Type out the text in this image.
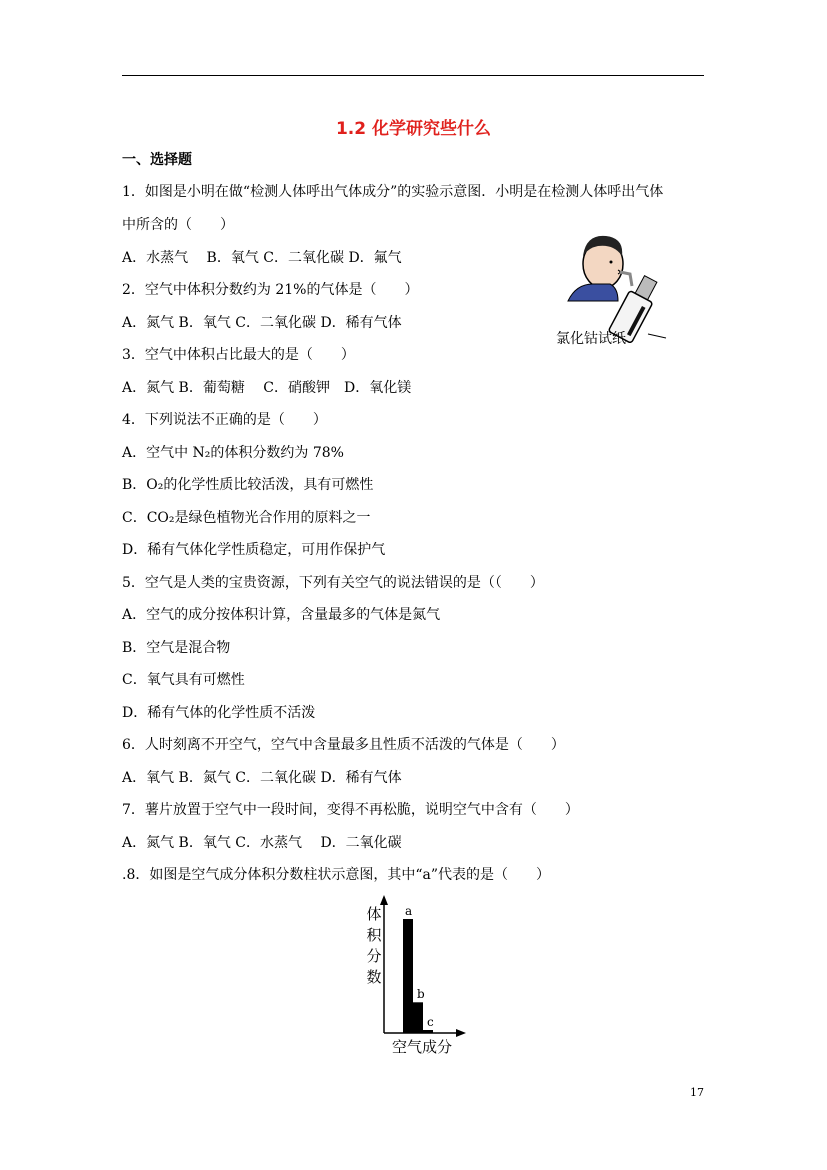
1.2 化学研究些什么
一、选择题
1．如图是小明在做“检测人体呼出气体成分”的实验示意图．小明是在检测人体呼出气体
中所含的（　　）
A．水蒸气　 B．氧气 C．二氧化碳 D．氟气
2．空气中体积分数约为 21%的气体是（　　）
A．氮气 B．氧气 C．二氧化碳 D．稀有气体
3．空气中体积占比最大的是（　　）
A．氮气 B．葡萄糖　 C．硝酸钾　D．氧化镁
4．下列说法不正确的是（　　）
A．空气中 N₂的体积分数约为 78%
B．O₂的化学性质比较活泼，具有可燃性
C．CO₂是绿色植物光合作用的原料之一
D．稀有气体化学性质稳定，可用作保护气
5．空气是人类的宝贵资源，下列有关空气的说法错误的是（（　　）
A．空气的成分按体积计算，含量最多的气体是氮气
B．空气是混合物
C．氧气具有可燃性
D．稀有气体的化学性质不活泼
6．人时刻离不开空气，空气中含量最多且性质不活泼的气体是（　　）
A．氧气 B．氮气 C．二氧化碳 D．稀有气体
7．薯片放置于空气中一段时间，变得不再松脆，说明空气中含有（　　）
A．氮气 B．氧气 C．水蒸气　 D．二氧化碳
.8．如图是空气成分体积分数柱状示意图，其中“a”代表的是（　　）
氯化钴试纸
体
积
分
数
空气成分
a
b
c
17
